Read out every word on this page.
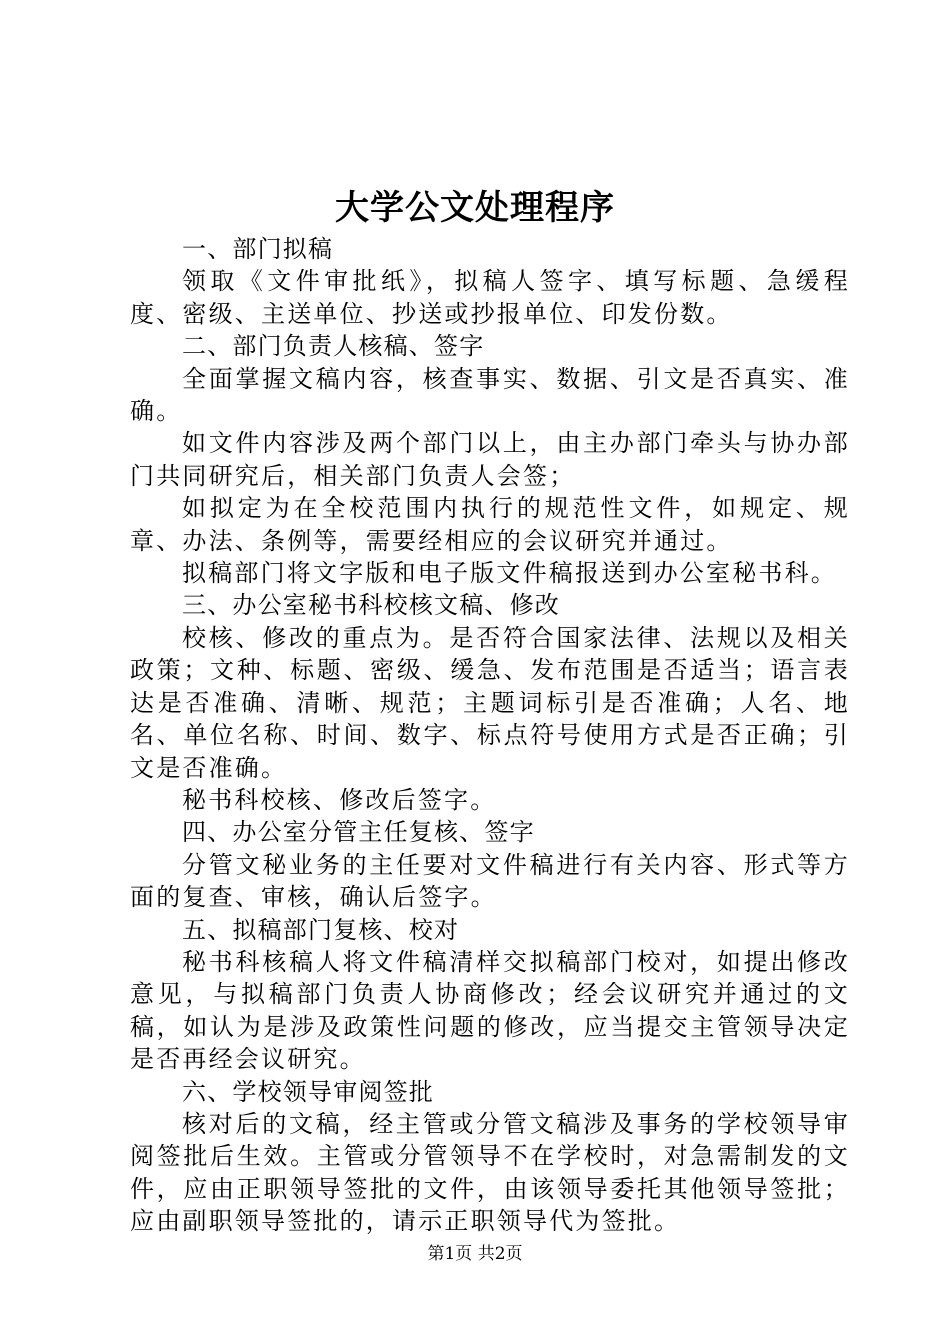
大学公文处理程序

一、部门拟稿

领取《文件审批纸》，拟稿人签字、填写标题、急缓程度、密级、主送单位、抄送或抄报单位、印发份数。

二、部门负责人核稿、签字

全面掌握文稿内容，核查事实、数据、引文是否真实、准确。

如文件内容涉及两个部门以上，由主办部门牵头与协办部门共同研究后，相关部门负责人会签；

如拟定为在全校范围内执行的规范性文件，如规定、规章、办法、条例等，需要经相应的会议研究并通过。

拟稿部门将文字版和电子版文件稿报送到办公室秘书科。

三、办公室秘书科校核文稿、修改

校核、修改的重点为。是否符合国家法律、法规以及相关政策；文种、标题、密级、缓急、发布范围是否适当；语言表达是否准确、清晰、规范；主题词标引是否准确；人名、地名、单位名称、时间、数字、标点符号使用方式是否正确；引文是否准确。

秘书科校核、修改后签字。

四、办公室分管主任复核、签字

分管文秘业务的主任要对文件稿进行有关内容、形式等方面的复查、审核，确认后签字。

五、拟稿部门复核、校对

秘书科核稿人将文件稿清样交拟稿部门校对，如提出修改意见，与拟稿部门负责人协商修改；经会议研究并通过的文稿，如认为是涉及政策性问题的修改，应当提交主管领导决定是否再经会议研究。

六、学校领导审阅签批

核对后的文稿，经主管或分管文稿涉及事务的学校领导审阅签批后生效。主管或分管领导不在学校时，对急需制发的文件，应由正职领导签批的文件，由该领导委托其他领导签批；应由副职领导签批的，请示正职领导代为签批。

第1页 共2页
